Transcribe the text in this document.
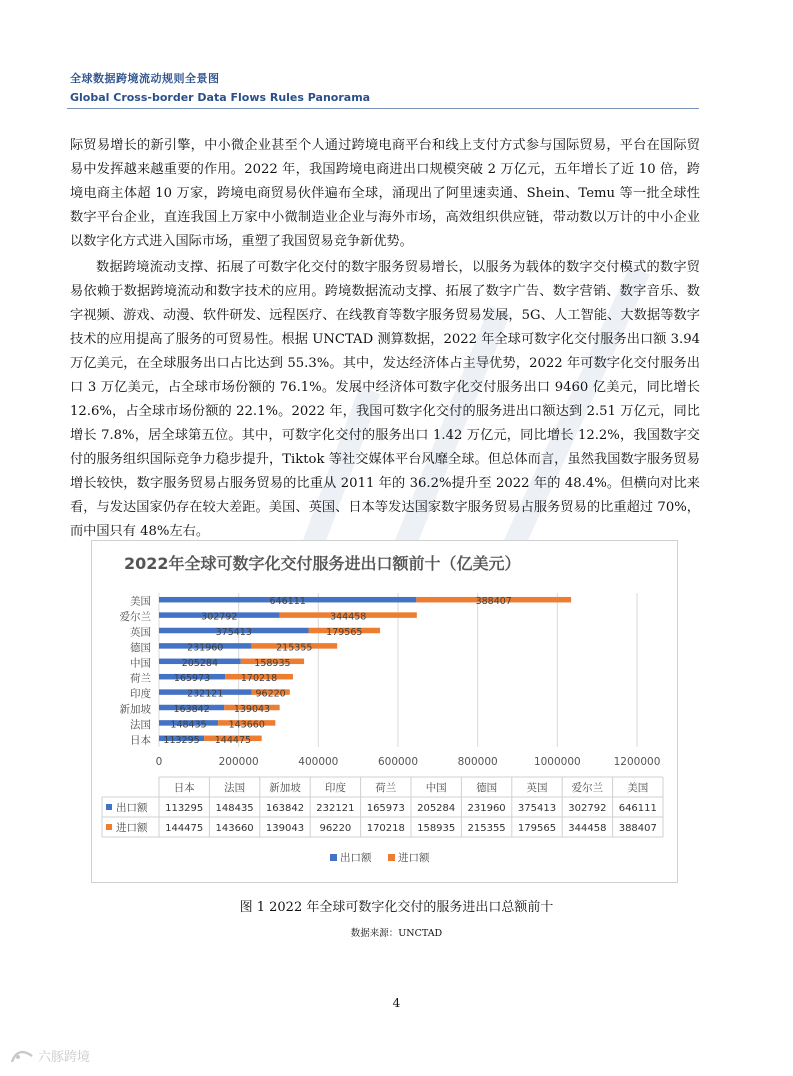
全球数据跨境流动规则全景图
Global Cross-border Data Flows Rules Panorama
际贸易增长的新引擎，中小微企业甚至个人通过跨境电商平台和线上支付方式参与国际贸易，平台在国际贸易中发挥越来越重要的作用。2022 年，我国跨境电商进出口规模突破 2 万亿元，五年增长了近 10 倍，跨境电商主体超 10 万家，跨境电商贸易伙伴遍布全球，涌现出了阿里速卖通、Shein、Temu 等一批全球性数字平台企业，直连我国上万家中小微制造业企业与海外市场，高效组织供应链，带动数以万计的中小企业以数字化方式进入国际市场，重塑了我国贸易竞争新优势。
数据跨境流动支撑、拓展了可数字化交付的数字服务贸易增长，以服务为载体的数字交付模式的数字贸易依赖于数据跨境流动和数字技术的应用。跨境数据流动支撑、拓展了数字广告、数字营销、数字音乐、数字视频、游戏、动漫、软件研发、远程医疗、在线教育等数字服务贸易发展，5G、人工智能、大数据等数字技术的应用提高了服务的可贸易性。根据 UNCTAD 测算数据，2022 年全球可数字化交付服务出口额 3.94 万亿美元，在全球服务出口占比达到 55.3%。其中，发达经济体占主导优势，2022 年可数字化交付服务出口 3 万亿美元，占全球市场份额的 76.1%。发展中经济体可数字化交付服务出口 9460 亿美元，同比增长 12.6%，占全球市场份额的 22.1%。2022 年，我国可数字化交付的服务进出口额达到 2.51 万亿元，同比增长 7.8%，居全球第五位。其中，可数字化交付的服务出口 1.42 万亿元，同比增长 12.2%，我国数字交付的服务组织国际竞争力稳步提升，Tiktok 等社交媒体平台风靡全球。但总体而言，虽然我国数字服务贸易增长较快，数字服务贸易占服务贸易的比重从 2011 年的 36.2%提升至 2022 年的 48.4%。但横向对比来看，与发达国家仍存在较大差距。美国、英国、日本等发达国家数字服务贸易占服务贸易的比重超过 70%，而中国只有 48%左右。
2022年全球可数字化交付服务进出口额前十（亿美元）
0	200000	400000	600000	800000	1000000	1200000
日本 113295 144475
法国 148435 143660
新加坡 163842	139043
印度	232121	96220
荷兰 165973	170218
中国	205284	158935
德国	231960	215355
英国	375413	179565
爱尔兰	302792	344458
美国	646111	388407
日本	法国 新加坡 印度	荷兰	中国	德国	英国 爱尔兰 美国
出口额 113295 148435 163842 232121 165973 205284 231960 375413 302792 646111
进口额 144475 143660 139043 96220 170218 158935 215355 179565 344458 388407
出口额	进口额
图 1 2022 年全球可数字化交付的服务进出口总额前十
数据来源：UNCTAD
4
六豚跨境
